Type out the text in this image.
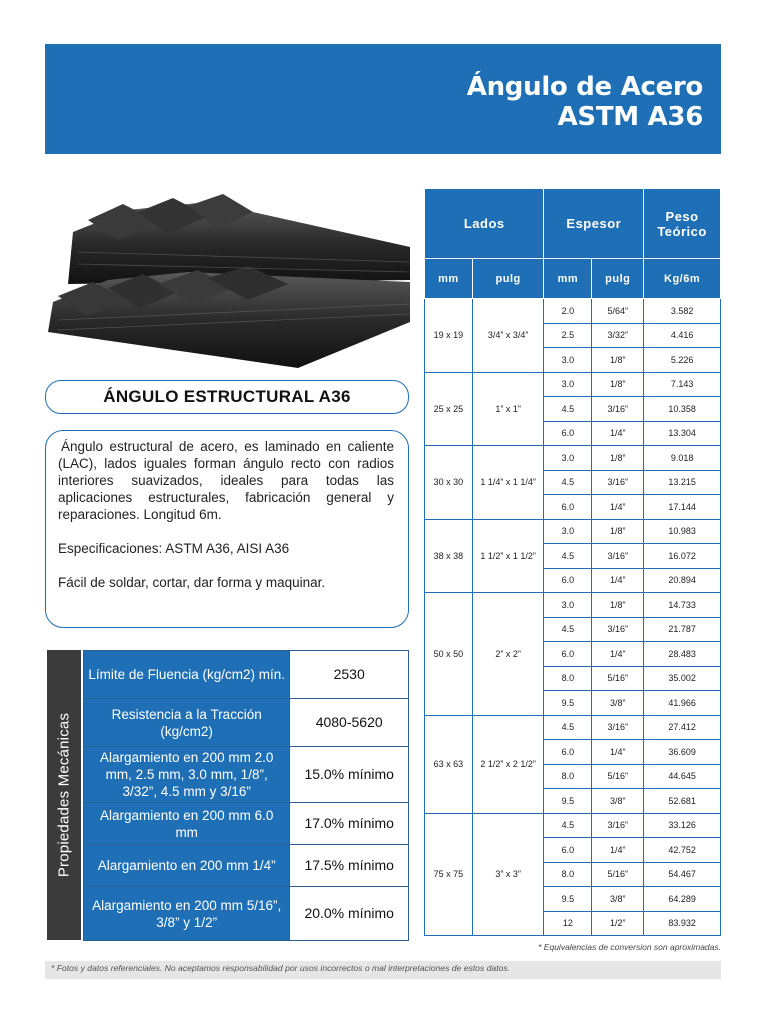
Ángulo de Acero
ASTM A36
ÁNGULO ESTRUCTURAL A36

Ángulo estructural de acero, es laminado en caliente (LAC), lados iguales forman ángulo recto con radios interiores suavizados, ideales para todas las aplicaciones estructurales, fabricación general y reparaciones. Longitud 6m.

Especificaciones: ASTM A36, AISI A36

Fácil de soldar, cortar, dar forma y maquinar.

Propiedades Mecánicas
Límite de Fluencia (kg/cm2) mín.	2530
Resistencia a la Tracción (kg/cm2)	4080-5620
Alargamiento en 200 mm 2.0 mm, 2.5 mm, 3.0 mm, 1/8”, 3/32”, 4.5 mm y 3/16”	15.0% mínimo
Alargamiento en 200 mm 6.0 mm	17.0% mínimo
Alargamiento en 200 mm 1/4”	17.5% mínimo
Alargamiento en 200 mm 5/16”, 3/8” y 1/2”	20.0% mínimo
Lados		Espesor		Peso Teórico
mm	pulg	mm	pulg	Kg/6m
19 x 19	3/4” x 3/4”	2.0	5/64”	3.582
		2.5	3/32”	4.416
		3.0	1/8”	5.226
25 x 25	1” x 1”	3.0	1/8”	7.143
		4.5	3/16”	10.358
		6.0	1/4”	13.304
30 x 30	1 1/4” x 1 1/4”	3.0	1/8”	9.018
		4.5	3/16”	13.215
		6.0	1/4”	17.144
38 x 38	1 1/2” x 1 1/2”	3.0	1/8”	10.983
		4.5	3/16”	16.072
		6.0	1/4”	20.894
50 x 50	2” x 2”	3.0	1/8”	14.733
		4.5	3/16”	21.787
		6.0	1/4”	28.483
		8.0	5/16”	35.002
		9.5	3/8”	41.966
63 x 63	2 1/2” x 2 1/2”	4.5	3/16”	27.412
		6.0	1/4”	36.609
		8.0	5/16”	44.645
		9.5	3/8”	52.681
75 x 75	3” x 3”	4.5	3/16”	33.126
		6.0	1/4”	42.752
		8.0	5/16”	54.467
		9.5	3/8”	64.289
		12	1/2”	83.932
* Equivalencias de conversion son aproximadas.
* Fotos y datos referenciales. No aceptamos responsabilidad por usos incorrectos o mal interpretaciones de estos datos.
